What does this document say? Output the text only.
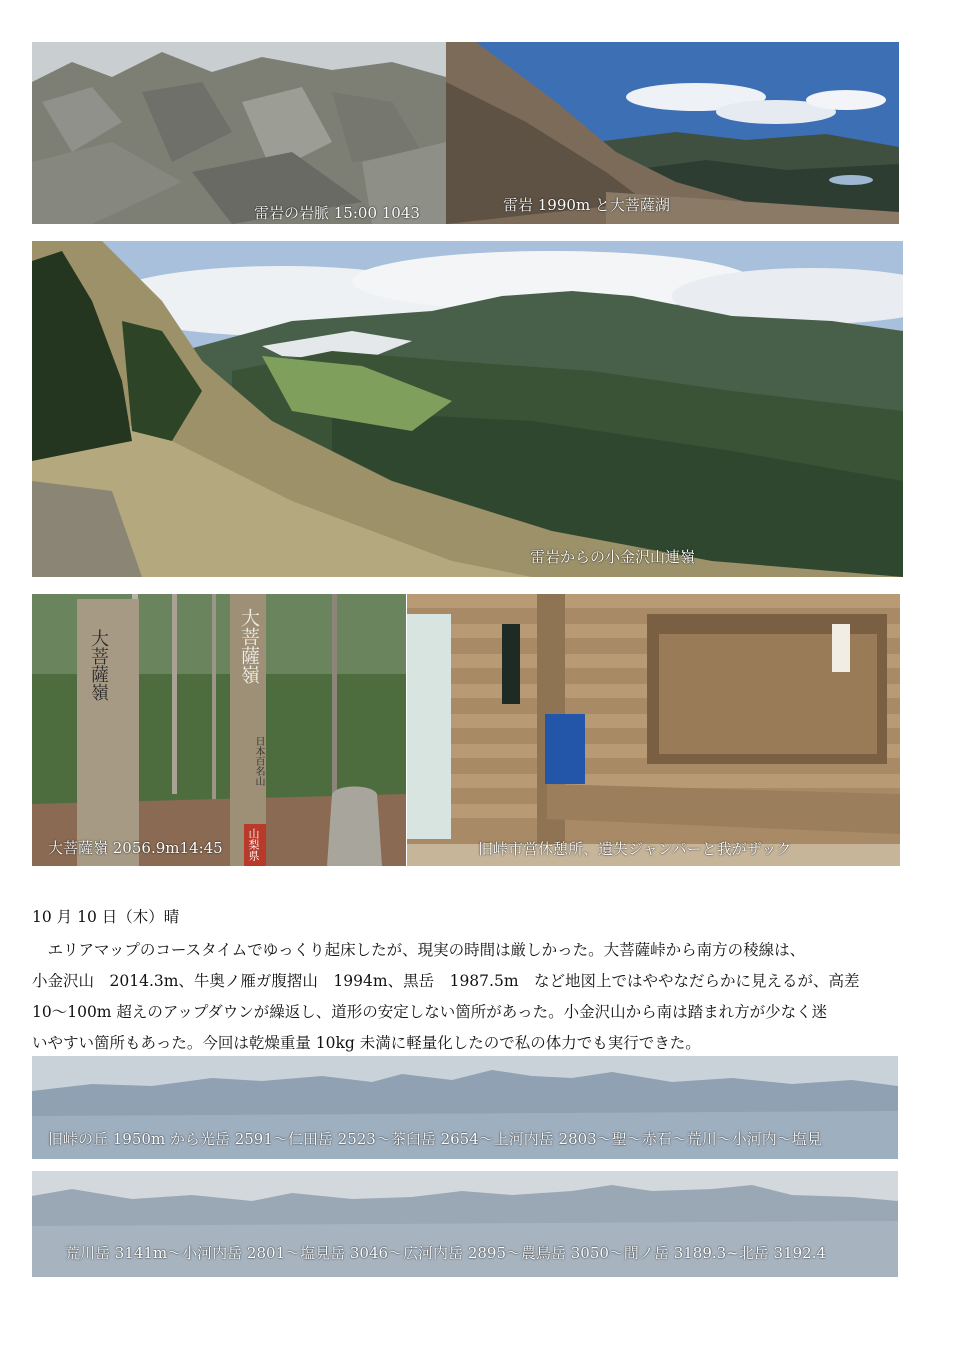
雷岩の岩脈 15:00 1043	雷岩 1990m と大菩薩湖
雷岩からの小金沢山連嶺
大菩薩嶺	大菩薩嶺
日本百名山
山梨県
大菩薩嶺 2056.9m14:45	旧峠市営休憩所、遺失ジャンパーと我がザック
10 月 10 日（木）晴
エリアマップのコースタイムでゆっくり起床したが、現実の時間は厳しかった。大菩薩峠から南方の稜線は、
小金沢山　2014.3m、牛奥ノ雁ガ腹摺山　1994m、黒岳　1987.5m　など地図上ではややなだらかに見えるが、高差
10～100m 超えのアップダウンが繰返し、道形の安定しない箇所があった。小金沢山から南は踏まれ方が少なく迷
いやすい箇所もあった。今回は乾燥重量 10kg 未満に軽量化したので私の体力でも実行できた。
旧峠の丘 1950m から光岳 2591～仁田岳 2523～茶臼岳 2654～上河内岳 2803～聖～赤石～荒川～小河内～塩見
荒川岳 3141m～小河内岳 2801～塩見岳 3046～広河内岳 2895～農鳥岳 3050～間ノ岳 3189.3~北岳 3192.4
